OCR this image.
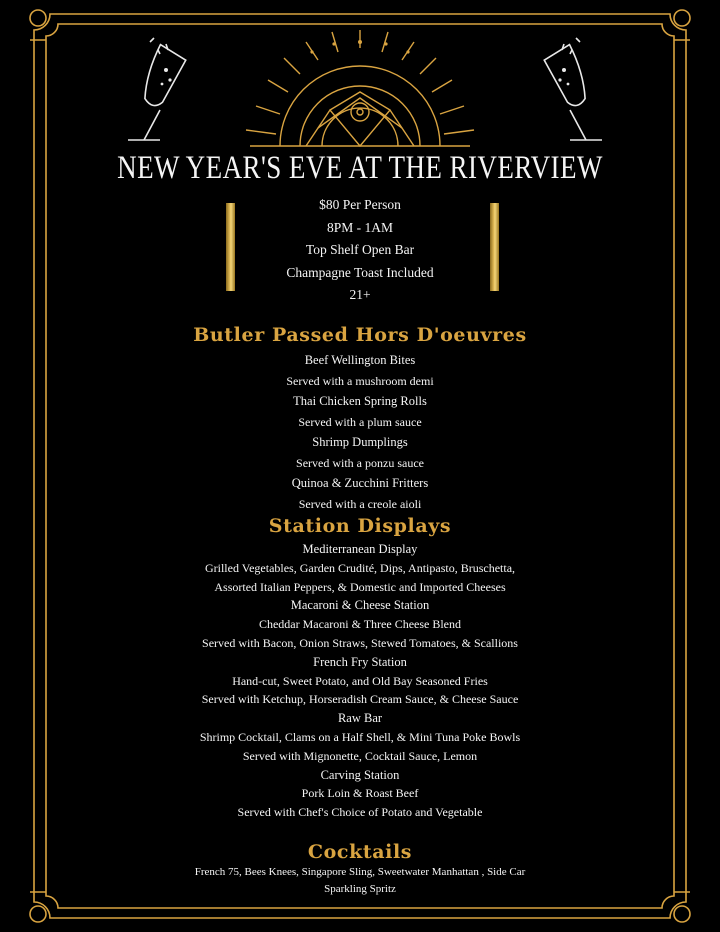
NEW YEAR'S EVE AT THE RIVERVIEW
$80 Per Person
8PM - 1AM
Top Shelf Open Bar
Champagne Toast Included
21+

Butler Passed Hors D'oeuvres

Beef Wellington Bites

Served with a mushroom demi

Thai Chicken Spring Rolls

Served with a plum sauce

Shrimp Dumplings

Served with a ponzu sauce

Quinoa & Zucchini Fritters

Served with a creole aioli

Station Displays

Mediterranean Display

Grilled Vegetables, Garden Crudité, Dips, Antipasto, Bruschetta,

Assorted Italian Peppers, & Domestic and Imported Cheeses

Macaroni & Cheese Station

Cheddar Macaroni & Three Cheese Blend

Served with Bacon, Onion Straws, Stewed Tomatoes, & Scallions

French Fry Station

Hand-cut, Sweet Potato, and Old Bay Seasoned Fries

Served with Ketchup, Horseradish Cream Sauce, & Cheese Sauce

Raw Bar

Shrimp Cocktail, Clams on a Half Shell, & Mini Tuna Poke Bowls

Served with Mignonette, Cocktail Sauce, Lemon

Carving Station

Pork Loin & Roast Beef

Served with Chef's Choice of Potato and Vegetable

Cocktails

French 75, Bees Knees, Singapore Sling, Sweetwater Manhattan , Side Car

Sparkling Spritz
